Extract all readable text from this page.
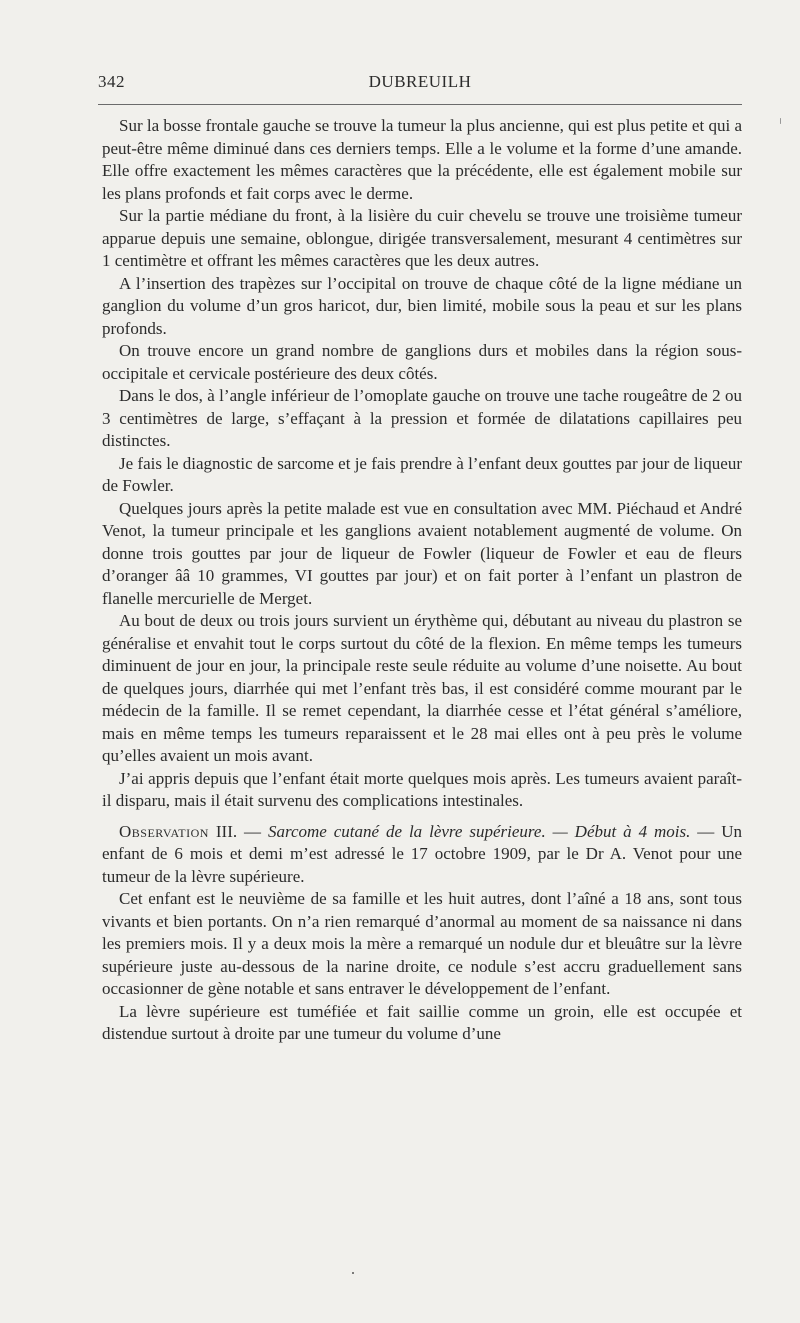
342	DUBREUILH

Sur la bosse frontale gauche se trouve la tumeur la plus ancienne, qui est plus petite et qui a peut-être même diminué dans ces derniers temps. Elle a le volume et la forme d’une amande. Elle offre exactement les mêmes caractères que la précédente, elle est également mobile sur les plans profonds et fait corps avec le derme.

Sur la partie médiane du front, à la lisière du cuir chevelu se trouve une troisième tumeur apparue depuis une semaine, oblongue, dirigée transversalement, mesurant 4 centimètres sur 1 centimètre et offrant les mêmes caractères que les deux autres.

A l’insertion des trapèzes sur l’occipital on trouve de chaque côté de la ligne médiane un ganglion du volume d’un gros haricot, dur, bien limité, mobile sous la peau et sur les plans profonds.

On trouve encore un grand nombre de ganglions durs et mobiles dans la région sous-occipitale et cervicale postérieure des deux côtés.

Dans le dos, à l’angle inférieur de l’omoplate gauche on trouve une tache rougeâtre de 2 ou 3 centimètres de large, s’effaçant à la pression et formée de dilatations capillaires peu distinctes.

Je fais le diagnostic de sarcome et je fais prendre à l’enfant deux gouttes par jour de liqueur de Fowler.

Quelques jours après la petite malade est vue en consultation avec MM. Piéchaud et André Venot, la tumeur principale et les ganglions avaient notablement augmenté de volume. On donne trois gouttes par jour de liqueur de Fowler (liqueur de Fowler et eau de fleurs d’oranger ââ 10 grammes, VI gouttes par jour) et on fait porter à l’enfant un plastron de flanelle mercurielle de Merget.

Au bout de deux ou trois jours survient un érythème qui, débutant au niveau du plastron se généralise et envahit tout le corps surtout du côté de la flexion. En même temps les tumeurs diminuent de jour en jour, la principale reste seule réduite au volume d’une noisette. Au bout de quelques jours, diarrhée qui met l’enfant très bas, il est considéré comme mourant par le médecin de la famille. Il se remet cependant, la diarrhée cesse et l’état général s’améliore, mais en même temps les tumeurs reparaissent et le 28 mai elles ont à peu près le volume qu’elles avaient un mois avant.

J’ai appris depuis que l’enfant était morte quelques mois après. Les tumeurs avaient paraît-il disparu, mais il était survenu des complications intestinales.

Observation III. — Sarcome cutané de la lèvre supérieure. — Début à 4 mois. — Un enfant de 6 mois et demi m’est adressé le 17 octobre 1909, par le Dr A. Venot pour une tumeur de la lèvre supérieure.

Cet enfant est le neuvième de sa famille et les huit autres, dont l’aîné a 18 ans, sont tous vivants et bien portants. On n’a rien remarqué d’anormal au moment de sa naissance ni dans les premiers mois. Il y a deux mois la mère a remarqué un nodule dur et bleuâtre sur la lèvre supérieure juste au-dessous de la narine droite, ce nodule s’est accru graduellement sans occasionner de gène notable et sans entraver le développement de l’enfant.

La lèvre supérieure est tuméfiée et fait saillie comme un groin, elle est occupée et distendue surtout à droite par une tumeur du volume d’une
